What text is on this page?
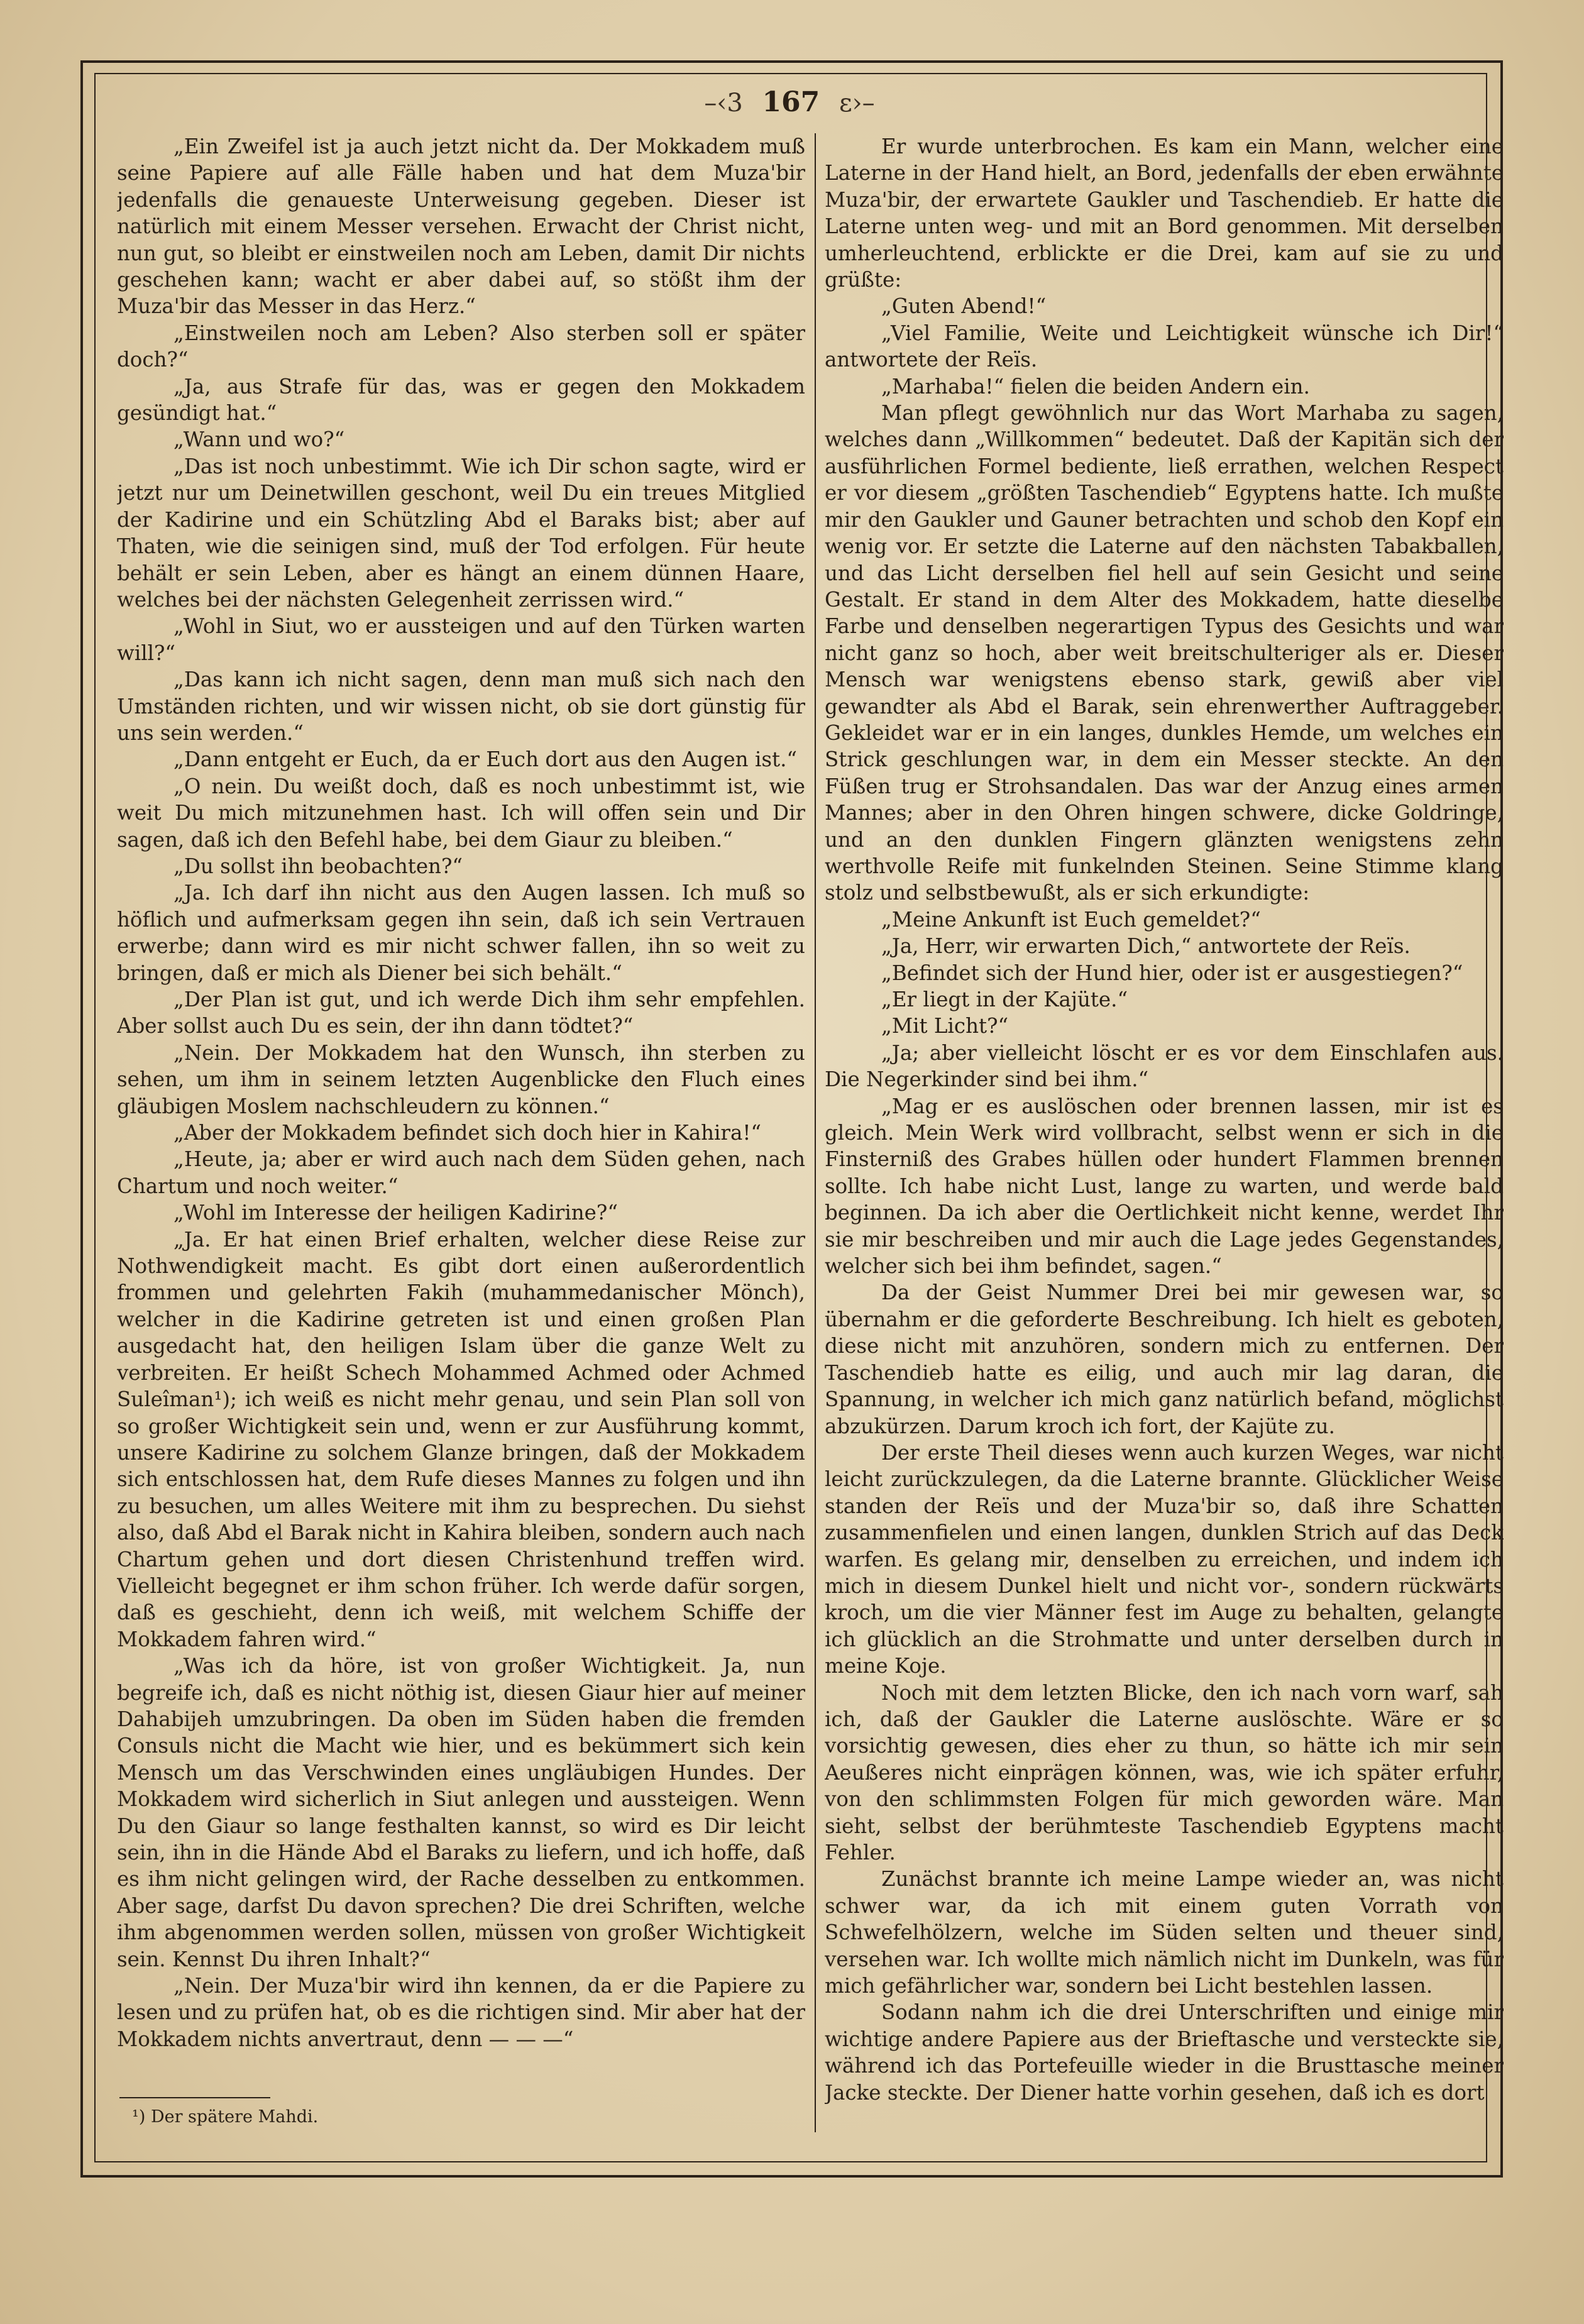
–‹3 167 ε›–

„Ein Zweifel ist ja auch jetzt nicht da. Der Mokkadem muß seine Papiere auf alle Fälle haben und hat dem Muza'bir jedenfalls die genaueste Unterweisung gegeben. Dieser ist natürlich mit einem Messer versehen. Erwacht der Christ nicht, nun gut, so bleibt er einstweilen noch am Leben, damit Dir nichts geschehen kann; wacht er aber dabei auf, so stößt ihm der Muza'bir das Messer in das Herz.“

„Einstweilen noch am Leben? Also sterben soll er später doch?“

„Ja, aus Strafe für das, was er gegen den Mokkadem gesündigt hat.“

„Wann und wo?“

„Das ist noch unbestimmt. Wie ich Dir schon sagte, wird er jetzt nur um Deinetwillen geschont, weil Du ein treues Mitglied der Kadirine und ein Schützling Abd el Baraks bist; aber auf Thaten, wie die seinigen sind, muß der Tod erfolgen. Für heute behält er sein Leben, aber es hängt an einem dünnen Haare, welches bei der nächsten Gelegenheit zerrissen wird.“

„Wohl in Siut, wo er aussteigen und auf den Türken warten will?“

„Das kann ich nicht sagen, denn man muß sich nach den Umständen richten, und wir wissen nicht, ob sie dort günstig für uns sein werden.“

„Dann entgeht er Euch, da er Euch dort aus den Augen ist.“

„O nein. Du weißt doch, daß es noch unbestimmt ist, wie weit Du mich mitzunehmen hast. Ich will offen sein und Dir sagen, daß ich den Befehl habe, bei dem Giaur zu bleiben.“

„Du sollst ihn beobachten?“

„Ja. Ich darf ihn nicht aus den Augen lassen. Ich muß so höflich und aufmerksam gegen ihn sein, daß ich sein Vertrauen erwerbe; dann wird es mir nicht schwer fallen, ihn so weit zu bringen, daß er mich als Diener bei sich behält.“

„Der Plan ist gut, und ich werde Dich ihm sehr empfehlen. Aber sollst auch Du es sein, der ihn dann tödtet?“

„Nein. Der Mokkadem hat den Wunsch, ihn sterben zu sehen, um ihm in seinem letzten Augenblicke den Fluch eines gläubigen Moslem nachschleudern zu können.“

„Aber der Mokkadem befindet sich doch hier in Kahira!“

„Heute, ja; aber er wird auch nach dem Süden gehen, nach Chartum und noch weiter.“

„Wohl im Interesse der heiligen Kadirine?“

„Ja. Er hat einen Brief erhalten, welcher diese Reise zur Nothwendigkeit macht. Es gibt dort einen außerordentlich frommen und gelehrten Fakih (muhammedanischer Mönch), welcher in die Kadirine getreten ist und einen großen Plan ausgedacht hat, den heiligen Islam über die ganze Welt zu verbreiten. Er heißt Schech Mohammed Achmed oder Achmed Suleîman¹); ich weiß es nicht mehr genau, und sein Plan soll von so großer Wichtigkeit sein und, wenn er zur Ausführung kommt, unsere Kadirine zu solchem Glanze bringen, daß der Mokkadem sich entschlossen hat, dem Rufe dieses Mannes zu folgen und ihn zu besuchen, um alles Weitere mit ihm zu besprechen. Du siehst also, daß Abd el Barak nicht in Kahira bleiben, sondern auch nach Chartum gehen und dort diesen Christenhund treffen wird. Vielleicht begegnet er ihm schon früher. Ich werde dafür sorgen, daß es geschieht, denn ich weiß, mit welchem Schiffe der Mokkadem fahren wird.“

„Was ich da höre, ist von großer Wichtigkeit. Ja, nun begreife ich, daß es nicht nöthig ist, diesen Giaur hier auf meiner Dahabijeh umzubringen. Da oben im Süden haben die fremden Consuls nicht die Macht wie hier, und es bekümmert sich kein Mensch um das Verschwinden eines ungläubigen Hundes. Der Mokkadem wird sicherlich in Siut anlegen und aussteigen. Wenn Du den Giaur so lange festhalten kannst, so wird es Dir leicht sein, ihn in die Hände Abd el Baraks zu liefern, und ich hoffe, daß es ihm nicht gelingen wird, der Rache desselben zu entkommen. Aber sage, darfst Du davon sprechen? Die drei Schriften, welche ihm abgenommen werden sollen, müssen von großer Wichtigkeit sein. Kennst Du ihren Inhalt?“

„Nein. Der Muza'bir wird ihn kennen, da er die Papiere zu lesen und zu prüfen hat, ob es die richtigen sind. Mir aber hat der Mokkadem nichts anvertraut, denn — — —“

Er wurde unterbrochen. Es kam ein Mann, welcher eine Laterne in der Hand hielt, an Bord, jedenfalls der eben erwähnte Muza'bir, der erwartete Gaukler und Taschendieb. Er hatte die Laterne unten weg- und mit an Bord genommen. Mit derselben umherleuchtend, erblickte er die Drei, kam auf sie zu und grüßte:

„Guten Abend!“

„Viel Familie, Weite und Leichtigkeit wünsche ich Dir!“ antwortete der Reïs.

„Marhaba!“ fielen die beiden Andern ein.

Man pflegt gewöhnlich nur das Wort Marhaba zu sagen, welches dann „Willkommen“ bedeutet. Daß der Kapitän sich der ausführlichen Formel bediente, ließ errathen, welchen Respect er vor diesem „größten Taschendieb“ Egyptens hatte. Ich mußte mir den Gaukler und Gauner betrachten und schob den Kopf ein wenig vor. Er setzte die Laterne auf den nächsten Tabakballen, und das Licht derselben fiel hell auf sein Gesicht und seine Gestalt. Er stand in dem Alter des Mokkadem, hatte dieselbe Farbe und denselben negerartigen Typus des Gesichts und war nicht ganz so hoch, aber weit breitschulteriger als er. Dieser Mensch war wenigstens ebenso stark, gewiß aber viel gewandter als Abd el Barak, sein ehrenwerther Auftraggeber. Gekleidet war er in ein langes, dunkles Hemde, um welches ein Strick geschlungen war, in dem ein Messer steckte. An den Füßen trug er Strohsandalen. Das war der Anzug eines armen Mannes; aber in den Ohren hingen schwere, dicke Goldringe, und an den dunklen Fingern glänzten wenigstens zehn werthvolle Reife mit funkelnden Steinen. Seine Stimme klang stolz und selbstbewußt, als er sich erkundigte:

„Meine Ankunft ist Euch gemeldet?“

„Ja, Herr, wir erwarten Dich,“ antwortete der Reïs.

„Befindet sich der Hund hier, oder ist er ausgestiegen?“

„Er liegt in der Kajüte.“

„Mit Licht?“

„Ja; aber vielleicht löscht er es vor dem Einschlafen aus. Die Negerkinder sind bei ihm.“

„Mag er es auslöschen oder brennen lassen, mir ist es gleich. Mein Werk wird vollbracht, selbst wenn er sich in die Finsterniß des Grabes hüllen oder hundert Flammen brennen sollte. Ich habe nicht Lust, lange zu warten, und werde bald beginnen. Da ich aber die Oertlichkeit nicht kenne, werdet Ihr sie mir beschreiben und mir auch die Lage jedes Gegenstandes, welcher sich bei ihm befindet, sagen.“

Da der Geist Nummer Drei bei mir gewesen war, so übernahm er die geforderte Beschreibung. Ich hielt es geboten, diese nicht mit anzuhören, sondern mich zu entfernen. Der Taschendieb hatte es eilig, und auch mir lag daran, die Spannung, in welcher ich mich ganz natürlich befand, möglichst abzukürzen. Darum kroch ich fort, der Kajüte zu.

Der erste Theil dieses wenn auch kurzen Weges, war nicht leicht zurückzulegen, da die Laterne brannte. Glücklicher Weise standen der Reïs und der Muza'bir so, daß ihre Schatten zusammenfielen und einen langen, dunklen Strich auf das Deck warfen. Es gelang mir, denselben zu erreichen, und indem ich mich in diesem Dunkel hielt und nicht vor-, sondern rückwärts kroch, um die vier Männer fest im Auge zu behalten, gelangte ich glücklich an die Strohmatte und unter derselben durch in meine Koje.

Noch mit dem letzten Blicke, den ich nach vorn warf, sah ich, daß der Gaukler die Laterne auslöschte. Wäre er so vorsichtig gewesen, dies eher zu thun, so hätte ich mir sein Aeußeres nicht einprägen können, was, wie ich später erfuhr, von den schlimmsten Folgen für mich geworden wäre. Man sieht, selbst der berühmteste Taschendieb Egyptens macht Fehler.

Zunächst brannte ich meine Lampe wieder an, was nicht schwer war, da ich mit einem guten Vorrath von Schwefelhölzern, welche im Süden selten und theuer sind, versehen war. Ich wollte mich nämlich nicht im Dunkeln, was für mich gefährlicher war, sondern bei Licht bestehlen lassen.

Sodann nahm ich die drei Unterschriften und einige mir wichtige andere Papiere aus der Brieftasche und versteckte sie, während ich das Portefeuille wieder in die Brusttasche meiner Jacke steckte. Der Diener hatte vorhin gesehen, daß ich es dort

¹) Der spätere Mahdi.
